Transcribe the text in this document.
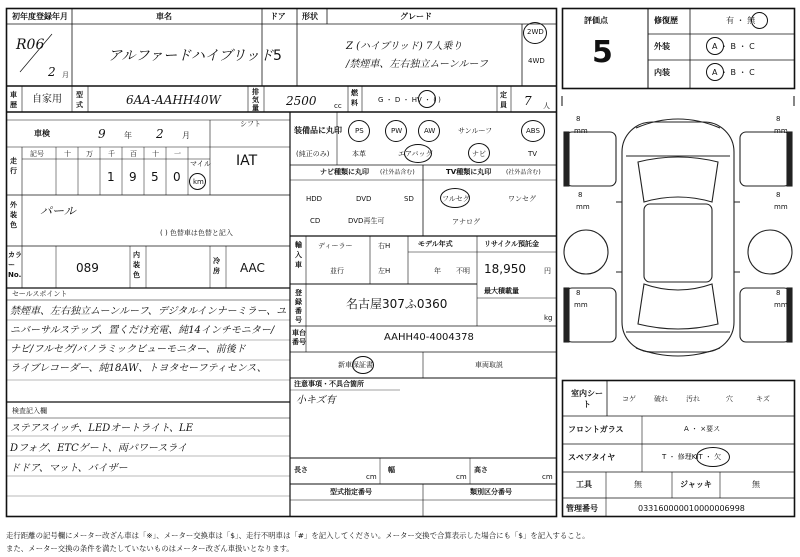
初年度登録年月	車名	ドア 形状	グレード
R06
2 月
アルファードハイブリッド 5
Z (ハイブリッド) 7人乗り
/禁煙車、左右独立ムーンルーフ
2WD
4WD
車歴 自家用 型式	6AA-AAHH40W
排気量 2500 cc
燃料	G ・ D ・ HV ・ ( )
定員 7 人
評価点
5
修復歴	有 ・ 無
外装	A ・ B ・ C
内装	A ・ B ・ C
車検	9 年 2 月
シフト
IAT
走行
記号	十 万 千 百 十 一
1 9 5 0
マイル
km
外装色
パール
( ) 色替車は色替と記入
カラーNo.	089
内装色
冷房 AAC
装備品に丸印
(純正のみ)
PS	PW	AW	サンルーフ	ABS
本革	エアバッグ	ナビ	TV
ナビ種類に丸印 (社外品含む)
HDD	DVD	SD
CD	DVD再生可
TV種類に丸印 (社外品含む)
フルセグ	ワンセグ
アナログ
輸入車
ディーラー
並行
右H
左H
モデル年式
年 不明
リサイクル預託金
18,950	円
登録番号
名古屋307ふ0360
最大積載量
kg
車台番号	AAHH40-4004378
新車保証書	車両取説
注意事項・不具合箇所
小キズ有
長さ
cm
幅
cm
高さ
cm
型式指定番号	類別区分番号
セールスポイント
禁煙車、左右独立ムーンルーフ、デジタルインナーミラー、ユ
ニバーサルステップ、置くだけ充電、純14インチモニター/
ナビ/フルセグ/バノラミックビューモニター、前後ド
ライブレコーダー、純18AW、トヨタセーフティセンス、
検査記入欄
ステアスイッチ、LEDオートライト、LE
Dフォグ、ETCゲート、両パワースライ
ドドア、マット、バイザー
8
mm
8
mm
8
mm
8
mm
8
mm
8
mm
室内シート
コゲ	破れ	汚れ	穴	キズ
フロントガラス	A ・ ×要ス
スペアタイヤ	T ・ 修理KIT ・ 欠
工具	無	ジャッキ	無
管理番号	033160000010000006998
走行距離の記号欄にメーター改ざん車は「※」、メーター交換車は「$」、走行不明車は「#」を記入してください。メーター交換で合算表示した場合にも「$」を記入すること。
また、メーター交換の条件を満たしていないものはメーター改ざん車扱いとなります。
